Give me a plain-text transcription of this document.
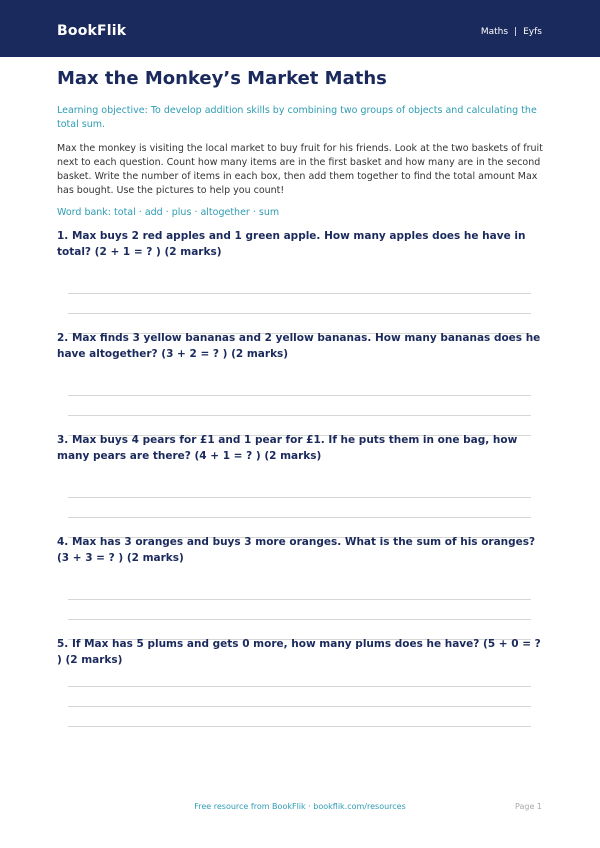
BookFlik	Maths | Eyfs
Max the Monkey’s Market Maths
Learning objective: To develop addition skills by combining two groups of objects and calculating the total sum.
Max the monkey is visiting the local market to buy fruit for his friends. Look at the two baskets of fruit next to each question. Count how many items are in the first basket and how many are in the second basket. Write the number of items in each box, then add them together to find the total amount Max has bought. Use the pictures to help you count!
Word bank: total · add · plus · altogether · sum
1. Max buys 2 red apples and 1 green apple. How many apples does he have in total? (2 + 1 = ? ) (2 marks)
2. Max finds 3 yellow bananas and 2 yellow bananas. How many bananas does he have altogether? (3 + 2 = ? ) (2 marks)
3. Max buys 4 pears for £1 and 1 pear for £1. If he puts them in one bag, how many pears are there? (4 + 1 = ? ) (2 marks)
4. Max has 3 oranges and buys 3 more oranges. What is the sum of his oranges? (3 + 3 = ? ) (2 marks)
5. If Max has 5 plums and gets 0 more, how many plums does he have? (5 + 0 = ? ) (2 marks)
Free resource from BookFlik · bookflik.com/resources	Page 1
